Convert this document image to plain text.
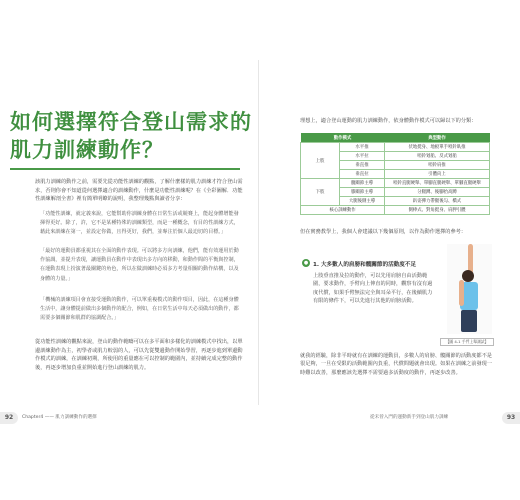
如何選擇符合登山需求的
肌力訓練動作？

該肌力訓練的動作之前，需要先從功能性訓練的觀點，了解什麼樣的肌力訓練才符合登山需求，否則你會不知道從何選擇適合的訓練動作，什麼是功能性訓練呢？在《全彩圖解．功能性訓練解剖全書》裡有簡單明瞭的說明，我整理幾點與讀者分享：

「功能性訓練，就定義來說，它能幫助你訓練身體在日常生活或競賽上，能起身體增能發揮得更好。除了，許，它不是某種特殊的訓練類型，而是一種概念，有目的性訓練方式，藉此來訓練在第一，並設定你做，且得更好，我們，並專注於個人最迫切的目標。」

「最好的運動員都重視其在全面的動作表現。可以將多方向訓練，他們，能有效運用於動作協調，並提升表現，讓運動員在動作中表現出多方向的移動，和動作間的平衡與控制，在運動表現上扮演著最關鍵的角色，所以在做訓練時必須多方考量相關的動作結構，以及身體的力量。」

「機械的訓練項目會直接受運動的動作，可以單重複模式的動作項目，因此，在這種身體生活中，讓身體提前做出多個動作的配合，例如，在日常生活中每天必須做出的動作，都需要多個關節和肌群的協調配合。」

從功能性訓練的觀點來說，登山的動作範疇可以在多平面和多樣化的訓練模式中找出，以單邊訓練動作為主，初學者或肌力較弱的人，可以先從雙邊動作開始學習，再逐步進到單邊動作模式的訓練，在訓練初期，所使用的重量應在可以控制的範圍內，並持續完成完整的動作後，再逐步增加負重並開始進行登山訓練的肌力。

92	Chapter4 —— 肌力訓練動作的選擇

理想上，適合登山運動的肌力訓練動作，依身體動作模式可以歸以下的分類：

動作模式		典型動作
上肢	水平推	伏地挺身、地板單手啞鈴臥推
	水平拉	啞鈴划船、反式划船
	垂直推	啞鈴肩推
	垂直拉	引體向上
下肢	髖關節主導	啞鈴直腿硬舉、單腳直腿硬舉、單腳直腿硬舉
	膝關節主導	分腿蹲、後腳抬高蹲
	大腿後側主導	趴姿彈力帶腿後勾、橋式
核心訓練動作		側棒式、對角挺身、肩胛引體

但在實務教學上，我個人會建議以下幾個原則，以作為動作選擇的參考：

● 1. 大多數人的肩膀和髖關節的活動度不足

上肢垂直推及拉的動作，可以先用肩膀自由活動範圍，要求動作，手臂向上伸直的同時，觀察有沒有過度代償，如果手臂無法完全與耳朵平行，在後續肌力有限的條件下，可以先進行其他的肩膀活動。

【圖 4-1 手臂上舉測試】

就我的經驗，除非平時就有在訓練的運動員，多數人的肩膀、髖關節的活動度都不是很足夠，一旦在受限的活動範圍內負重，代償問題就會出現。如果在訓練之前發現一時難以改善，那麼應該先選擇不需要過多活動度的動作，再逐步改善。

從未曾入門的運動新手到登山肌力訓練	93
